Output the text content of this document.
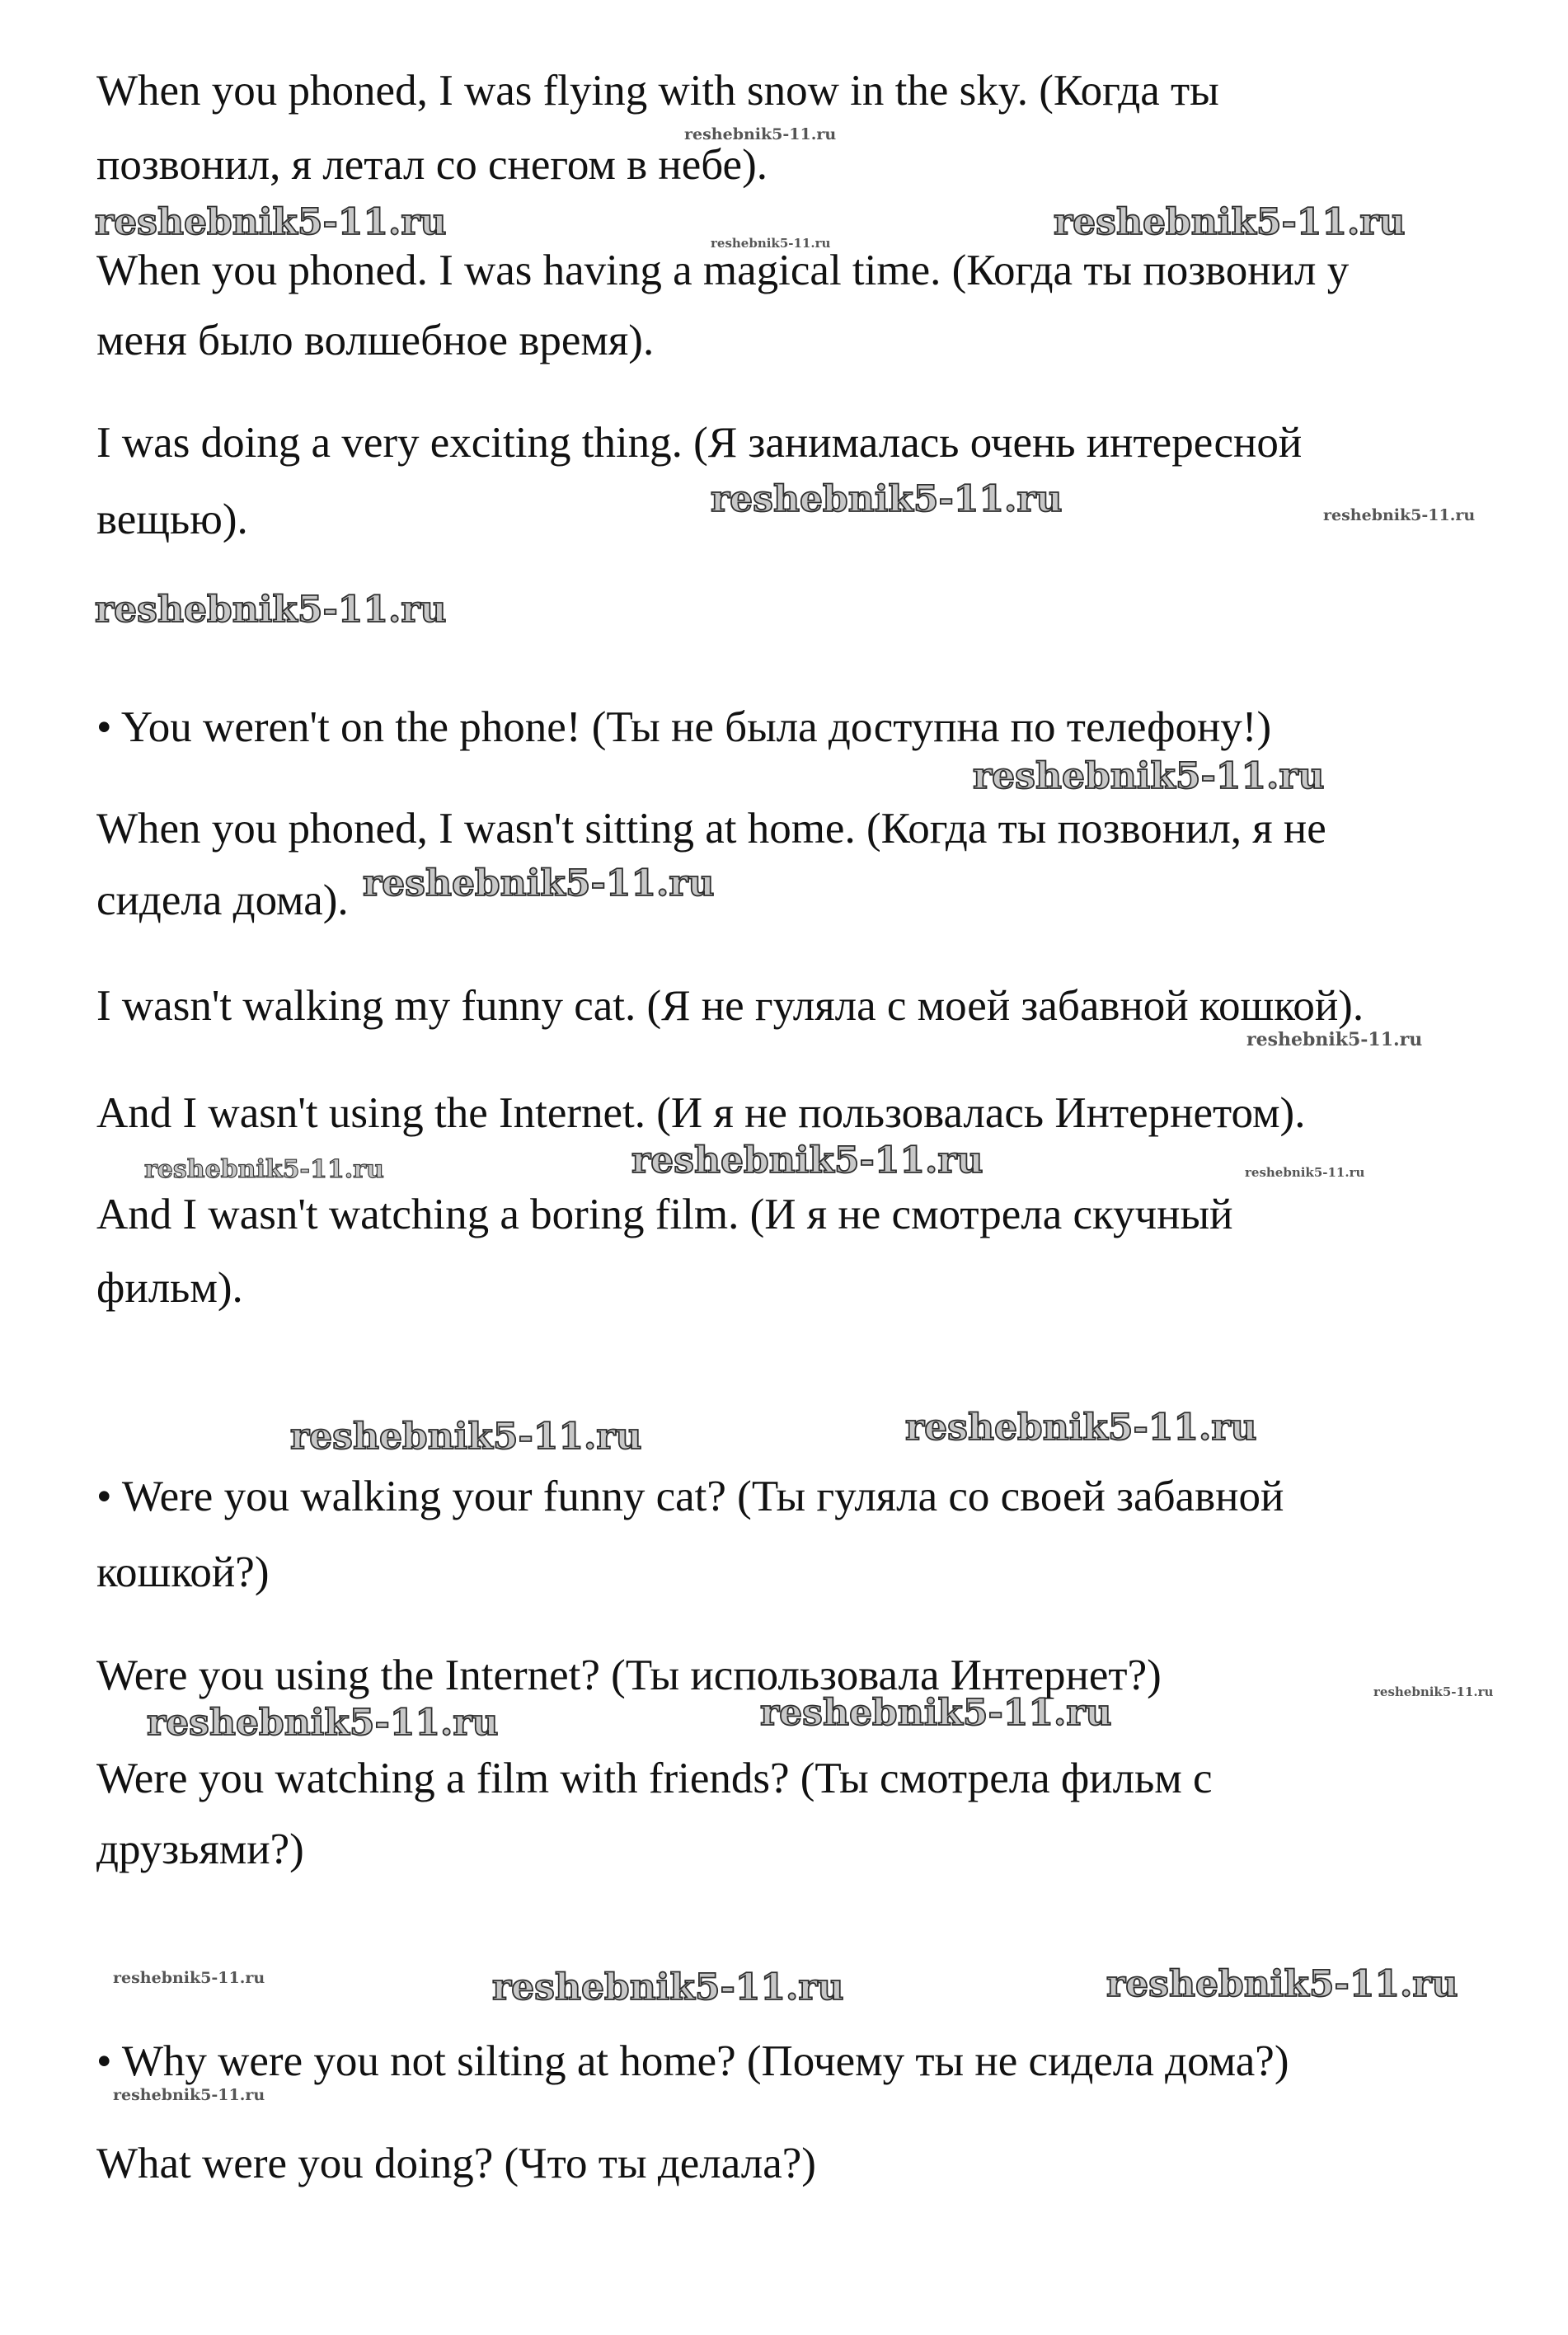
When you phoned, I was flying with snow in the sky. (Когда ты

позвонил, я летал со снегом в небе).

When you phoned. I was having a magical time. (Когда ты позвонил у

меня было волшебное время).

I was doing a very exciting thing. (Я занималась очень интересной

вещью).

• You weren't on the phone! (Ты не была доступна по телефону!)

When you phoned, I wasn't sitting at home. (Когда ты позвонил, я не

сидела дома).

I wasn't walking my funny cat. (Я не гуляла с моей забавной кошкой).

And I wasn't using the Internet. (И я не пользовалась Интернетом).

And I wasn't watching a boring film. (И я не смотрела скучный

фильм).

• Were you walking your funny cat? (Ты гуляла со своей забавной

кошкой?)

Were you using the Internet? (Ты использовала Интернет?)

Were you watching a film with friends? (Ты смотрела фильм с

друзьями?)

• Why were you not silting at home? (Почему ты не сидела дома?)

What were you doing? (Что ты делала?)

reshebnik5-11.ru
reshebnik5-11.ru	reshebnik5-11.ru	reshebnik5-11.ru
reshebnik5-11.ru	reshebnik5-11.ru
reshebnik5-11.ru
reshebnik5-11.ru
reshebnik5-11.ru
reshebnik5-11.ru
reshebnik5-11.ru	reshebnik5-11.ru	reshebnik5-11.ru
reshebnik5-11.ru	reshebnik5-11.ru
reshebnik5-11.ru
reshebnik5-11.ru	reshebnik5-11.ru
reshebnik5-11.ru	reshebnik5-11.ru	reshebnik5-11.ru
reshebnik5-11.ru
